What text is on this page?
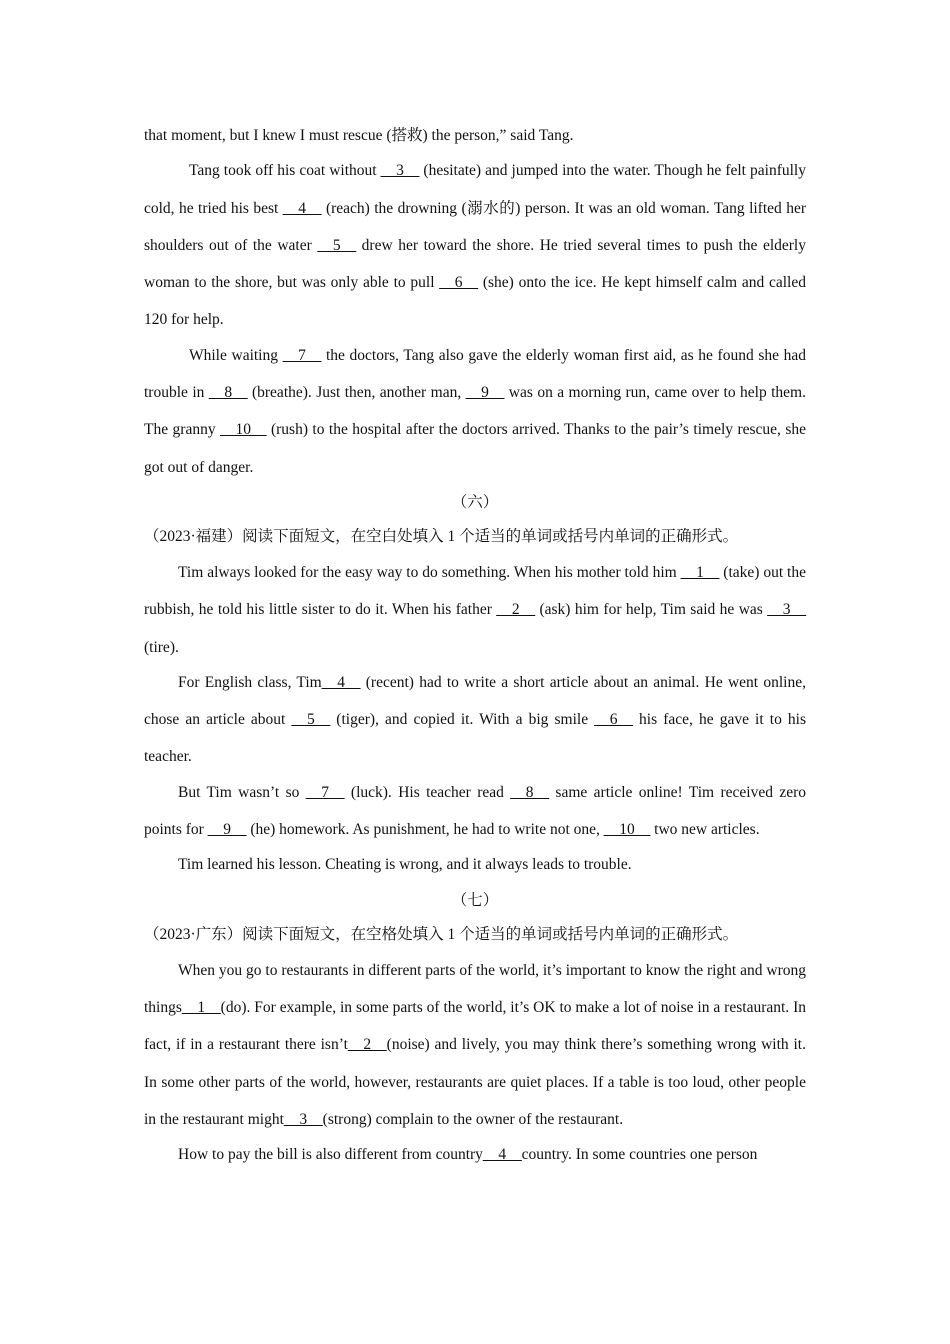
that moment, but I knew I must rescue (搭救) the person,” said Tang.

Tang took off his coat without __3__ (hesitate) and jumped into the water. Though he felt painfully cold, he tried his best __4__ (reach) the drowning (溺水的) person. It was an old woman. Tang lifted her shoulders out of the water __5__ drew her toward the shore. He tried several times to push the elderly woman to the shore, but was only able to pull __6__ (she) onto the ice. He kept himself calm and called 120 for help.

While waiting __7__ the doctors, Tang also gave the elderly woman first aid, as he found she had trouble in __8__ (breathe). Just then, another man, __9__ was on a morning run, came over to help them. The granny __10__ (rush) to the hospital after the doctors arrived. Thanks to the pair’s timely rescue, she got out of danger.

（六）

（2023·福建）阅读下面短文，在空白处填入 1 个适当的单词或括号内单词的正确形式。

Tim always looked for the easy way to do something. When his mother told him __1__ (take) out the rubbish, he told his little sister to do it. When his father __2__ (ask) him for help, Tim said he was __3__ (tire).

For English class, Tim__4__ (recent) had to write a short article about an animal. He went online, chose an article about __5__ (tiger), and copied it. With a big smile __6__ his face, he gave it to his teacher.

But Tim wasn’t so __7__ (luck). His teacher read __8__ same article online! Tim received zero points for __9__ (he) homework. As punishment, he had to write not one, __10__ two new articles.

Tim learned his lesson. Cheating is wrong, and it always leads to trouble.

（七）

（2023·广东）阅读下面短文，在空格处填入 1 个适当的单词或括号内单词的正确形式。

When you go to restaurants in different parts of the world, it’s important to know the right and wrong things__1__(do). For example, in some parts of the world, it’s OK to make a lot of noise in a restaurant. In fact, if in a restaurant there isn’t__2__(noise) and lively, you may think there’s something wrong with it. In some other parts of the world, however, restaurants are quiet places. If a table is too loud, other people in the restaurant might__3__(strong) complain to the owner of the restaurant.

How to pay the bill is also different from country__4__country. In some countries one person
